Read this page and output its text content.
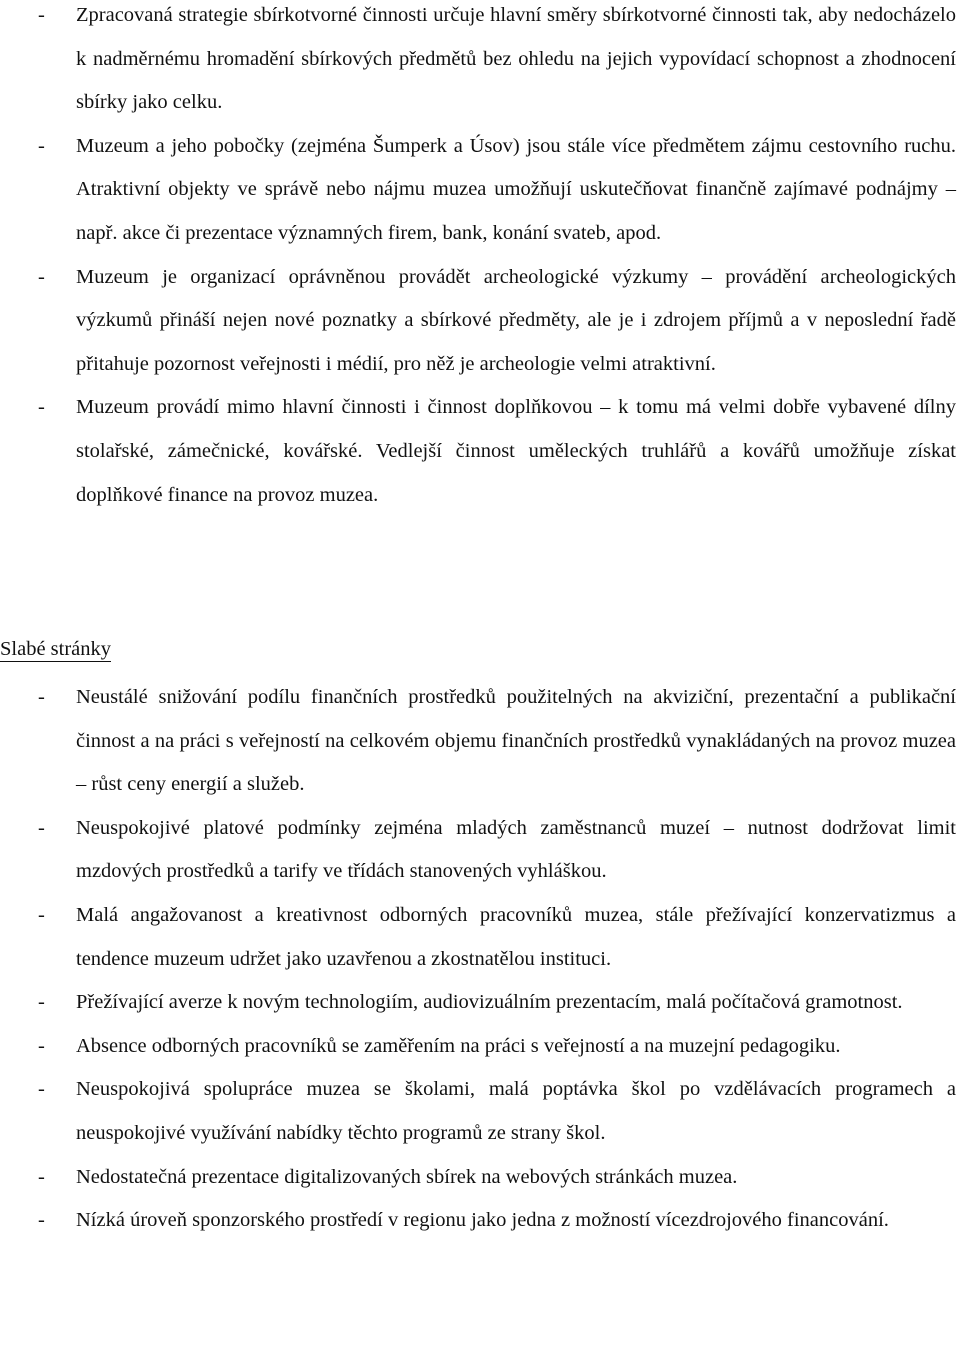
- Zpracovaná strategie sbírkotvorné činnosti určuje hlavní směry sbírkotvorné činnosti tak, aby nedocházelo k nadměrnému hromadění sbírkových předmětů bez ohledu na jejich vypovídací schopnost a zhodnocení sbírky jako celku.
- Muzeum a jeho pobočky (zejména Šumperk a Úsov) jsou stále více předmětem zájmu cestovního ruchu. Atraktivní objekty ve správě nebo nájmu muzea umožňují uskutečňovat finančně zajímavé podnájmy – např. akce či prezentace významných firem, bank, konání svateb, apod.
- Muzeum je organizací oprávněnou provádět archeologické výzkumy – provádění archeologických výzkumů přináší nejen nové poznatky a sbírkové předměty, ale je i zdrojem příjmů a v neposlední řadě přitahuje pozornost veřejnosti i médií, pro něž je archeologie velmi atraktivní.
- Muzeum provádí mimo hlavní činnosti i činnost doplňkovou – k tomu má velmi dobře vybavené dílny stolařské, zámečnické, kovářské. Vedlejší činnost uměleckých truhlářů a kovářů umožňuje získat doplňkové finance na provoz muzea.
Slabé stránky
- Neustálé snižování podílu finančních prostředků použitelných na akviziční, prezentační a publikační činnost a na práci s veřejností na celkovém objemu finančních prostředků vynakládaných na provoz muzea – růst ceny energií a služeb.
- Neuspokojivé platové podmínky zejména mladých zaměstnanců muzeí – nutnost dodržovat limit mzdových prostředků a tarify ve třídách stanovených vyhláškou.
- Malá angažovanost a kreativnost odborných pracovníků muzea, stále přežívající konzervatizmus a tendence muzeum udržet jako uzavřenou a zkostnatělou instituci.
- Přežívající averze k novým technologiím, audiovizuálním prezentacím, malá počítačová gramotnost.
- Absence odborných pracovníků se zaměřením na práci s veřejností a na muzejní pedagogiku.
- Neuspokojivá spolupráce muzea se školami, malá poptávka škol po vzdělávacích programech a neuspokojivé využívání nabídky těchto programů ze strany škol.
- Nedostatečná prezentace digitalizovaných sbírek na webových stránkách muzea.
- Nízká úroveň sponzorského prostředí v regionu jako jedna z možností vícezdrojového financování.
